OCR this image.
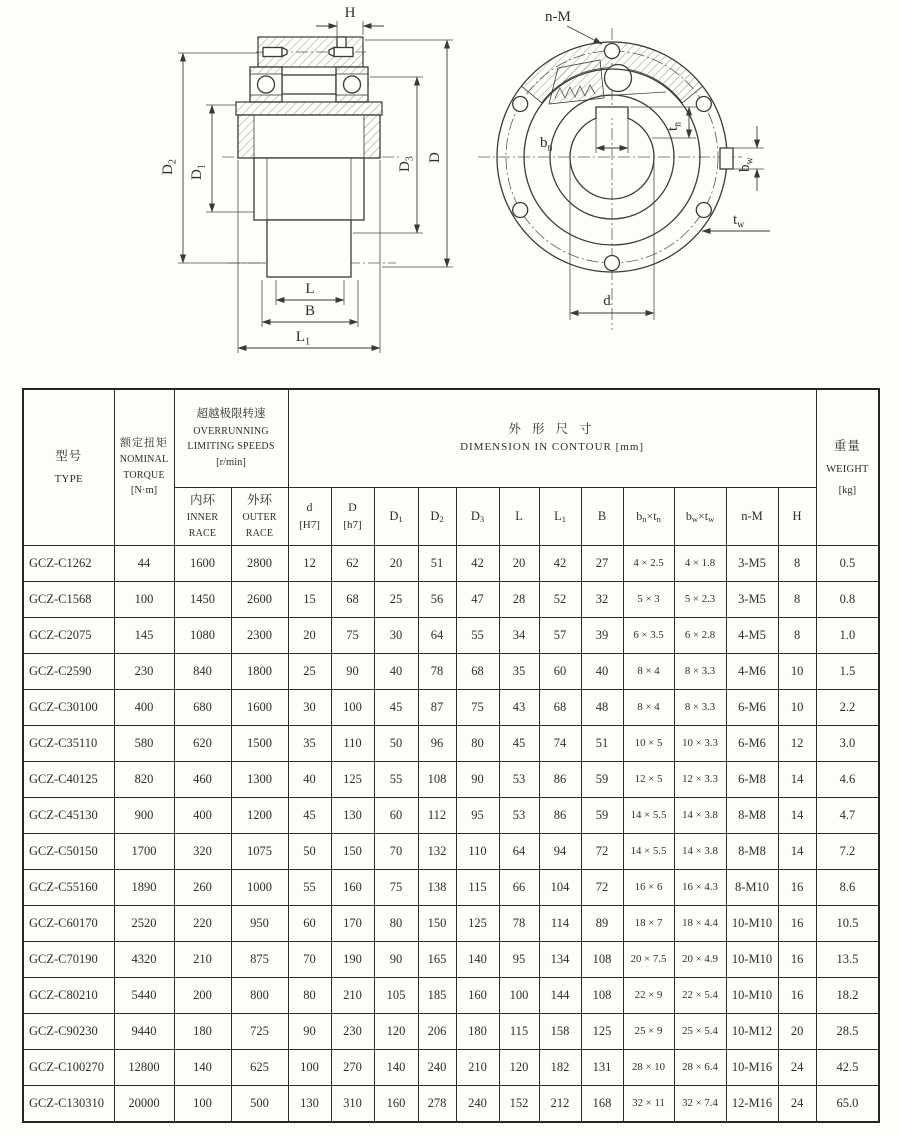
H
$D_2$
$D_1$	$D_3$ D
L
B
$L_1$
n-M
$b_n$
$t_n$
d
$b_w$
$t_w$
型号
TYPE

额定扭矩
NOMINAL
TORQUE
[N·m]

超越极限转速
OVERRUNNING
LIMITING SPEEDS
[r/min]

外 形 尺 寸
DIMENSION IN CONTOUR [mm]	重量
WEIGHT
[kg]

内环
INNER
RACE

外环
OUTER
RACE

d
[H7]

D
[h7]
	$D_1$	$D_2$	$D_3$	L	$L_1$	B	$b_n\times t_n$	$b_w\times t_w$	n-M	H
GCZ-C1262	44	1600	2800	12	62	20	51	42	20	42	27	4 × 2.5	4 × 1.8	3-M5	8	0.5
GCZ-C1568	100	1450	2600	15	68	25	56	47	28	52	32	5 × 3	5 × 2.3	3-M5	8	0.8
GCZ-C2075	145	1080	2300	20	75	30	64	55	34	57	39	6 × 3.5	6 × 2.8	4-M5	8	1.0
GCZ-C2590	230	840	1800	25	90	40	78	68	35	60	40	8 × 4	8 × 3.3	4-M6	10	1.5
GCZ-C30100	400	680	1600	30	100	45	87	75	43	68	48	8 × 4	8 × 3.3	6-M6	10	2.2
GCZ-C35110	580	620	1500	35	110	50	96	80	45	74	51	10 × 5	10 × 3.3	6-M6	12	3.0
GCZ-C40125	820	460	1300	40	125	55	108	90	53	86	59	12 × 5	12 × 3.3	6-M8	14	4.6
GCZ-C45130	900	400	1200	45	130	60	112	95	53	86	59	14 × 5.5	14 × 3.8	8-M8	14	4.7
GCZ-C50150	1700	320	1075	50	150	70	132	110	64	94	72	14 × 5.5	14 × 3.8	8-M8	14	7.2
GCZ-C55160	1890	260	1000	55	160	75	138	115	66	104	72	16 × 6	16 × 4.3	8-M10	16	8.6
GCZ-C60170	2520	220	950	60	170	80	150	125	78	114	89	18 × 7	18 × 4.4	10-M10	16	10.5
GCZ-C70190	4320	210	875	70	190	90	165	140	95	134	108	20 × 7.5	20 × 4.9	10-M10	16	13.5
GCZ-C80210	5440	200	800	80	210	105	185	160	100	144	108	22 × 9	22 × 5.4	10-M10	16	18.2
GCZ-C90230	9440	180	725	90	230	120	206	180	115	158	125	25 × 9	25 × 5.4	10-M12	20	28.5
GCZ-C100270	12800	140	625	100	270	140	240	210	120	182	131	28 × 10	28 × 6.4	10-M16	24	42.5
GCZ-C130310	20000	100	500	130	310	160	278	240	152	212	168	32 × 11	32 × 7.4	12-M16	24	65.0
